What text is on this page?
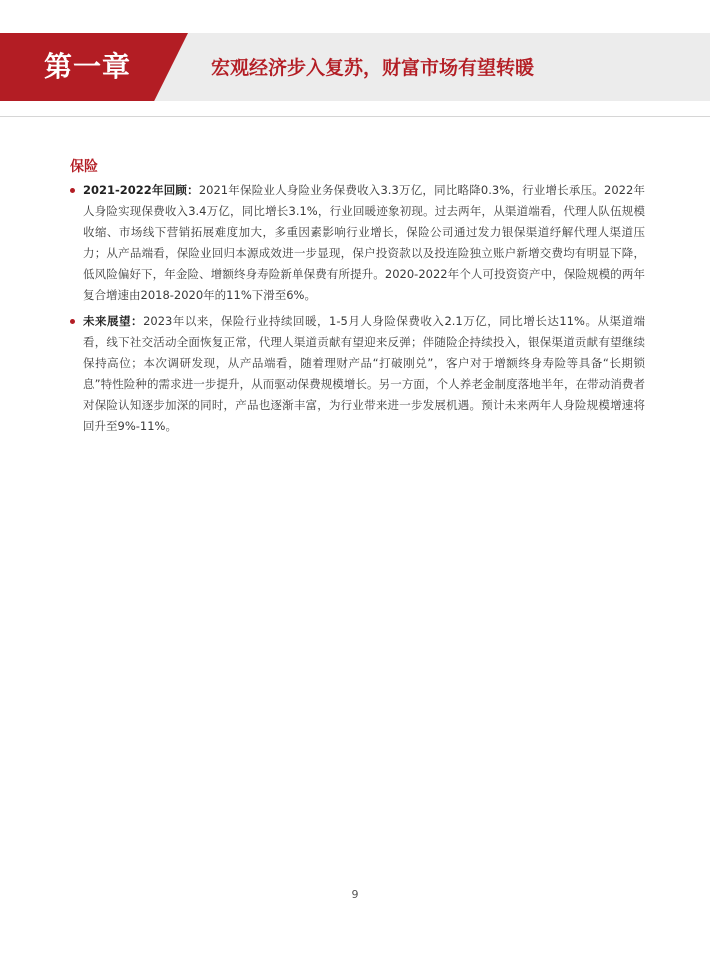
第一章	宏观经济步入复苏，财富市场有望转暖
保险
2021-2022年回顾：2021年保险业人身险业务保费收入3.3万亿，同比略降0.3%，行业增长承压。2022年人身险实现保费收入3.4万亿，同比增长3.1%，行业回暖迹象初现。过去两年，从渠道端看，代理人队伍规模收缩、市场线下营销拓展难度加大，多重因素影响行业增长，保险公司通过发力银保渠道纾解代理人渠道压力；从产品端看，保险业回归本源成效进一步显现，保户投资款以及投连险独立账户新增交费均有明显下降，低风险偏好下，年金险、增额终身寿险新单保费有所提升。2020-2022年个人可投资资产中，保险规模的两年复合增速由2018-2020年的11%下滑至6%。
未来展望：2023年以来，保险行业持续回暖，1-5月人身险保费收入2.1万亿，同比增长达11%。从渠道端看，线下社交活动全面恢复正常，代理人渠道贡献有望迎来反弹；伴随险企持续投入，银保渠道贡献有望继续保持高位；本次调研发现，从产品端看，随着理财产品“打破刚兑”，客户对于增额终身寿险等具备“长期锁息”特性险种的需求进一步提升，从而驱动保费规模增长。另一方面，个人养老金制度落地半年，在带动消费者对保险认知逐步加深的同时，产品也逐渐丰富，为行业带来进一步发展机遇。预计未来两年人身险规模增速将回升至9%-11%。
9
